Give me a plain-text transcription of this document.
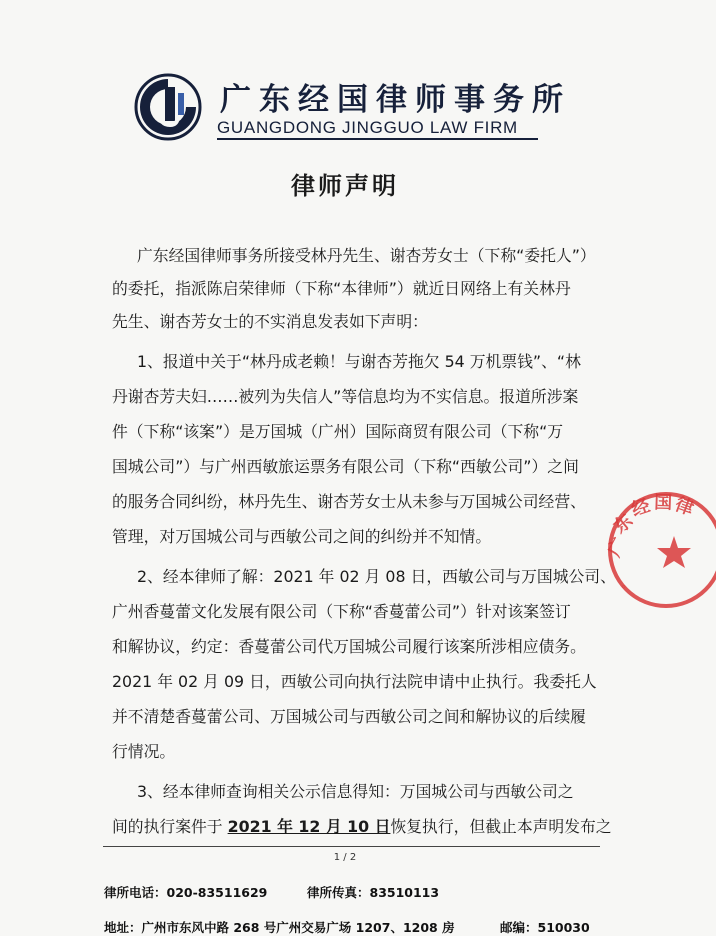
广东经国律师事务所
GUANGDONG JINGGUO LAW FIRM
律师声明
广东经国律师事务所接受林丹先生、谢杏芳女士（下称“委托人”）
的委托，指派陈启荣律师（下称“本律师”）就近日网络上有关林丹
先生、谢杏芳女士的不实消息发表如下声明：
1、报道中关于“林丹成老赖！与谢杏芳拖欠 54 万机票钱”、“林
丹谢杏芳夫妇……被列为失信人”等信息均为不实信息。报道所涉案
件（下称“该案”）是万国城（广州）国际商贸有限公司（下称“万
国城公司”）与广州西敏旅运票务有限公司（下称“西敏公司”）之间
的服务合同纠纷，林丹先生、谢杏芳女士从未参与万国城公司经营、
管理，对万国城公司与西敏公司之间的纠纷并不知情。
2、经本律师了解：2021 年 02 月 08 日，西敏公司与万国城公司、
广州香蔓蕾文化发展有限公司（下称“香蔓蕾公司”）针对该案签订
和解协议，约定：香蔓蕾公司代万国城公司履行该案所涉相应债务。
2021 年 02 月 09 日，西敏公司向执行法院申请中止执行。我委托人
并不清楚香蔓蕾公司、万国城公司与西敏公司之间和解协议的后续履
行情况。
3、经本律师查询相关公示信息得知：万国城公司与西敏公司之
间的执行案件于 2021 年 12 月 10 日恢复执行，但截止本声明发布之
广
东
经 国 律
。
1 / 2
律所电话：020-83511629	律所传真：83510113
地址：广州市东风中路 268 号广州交易广场 1207、1208 房	邮编：510030
